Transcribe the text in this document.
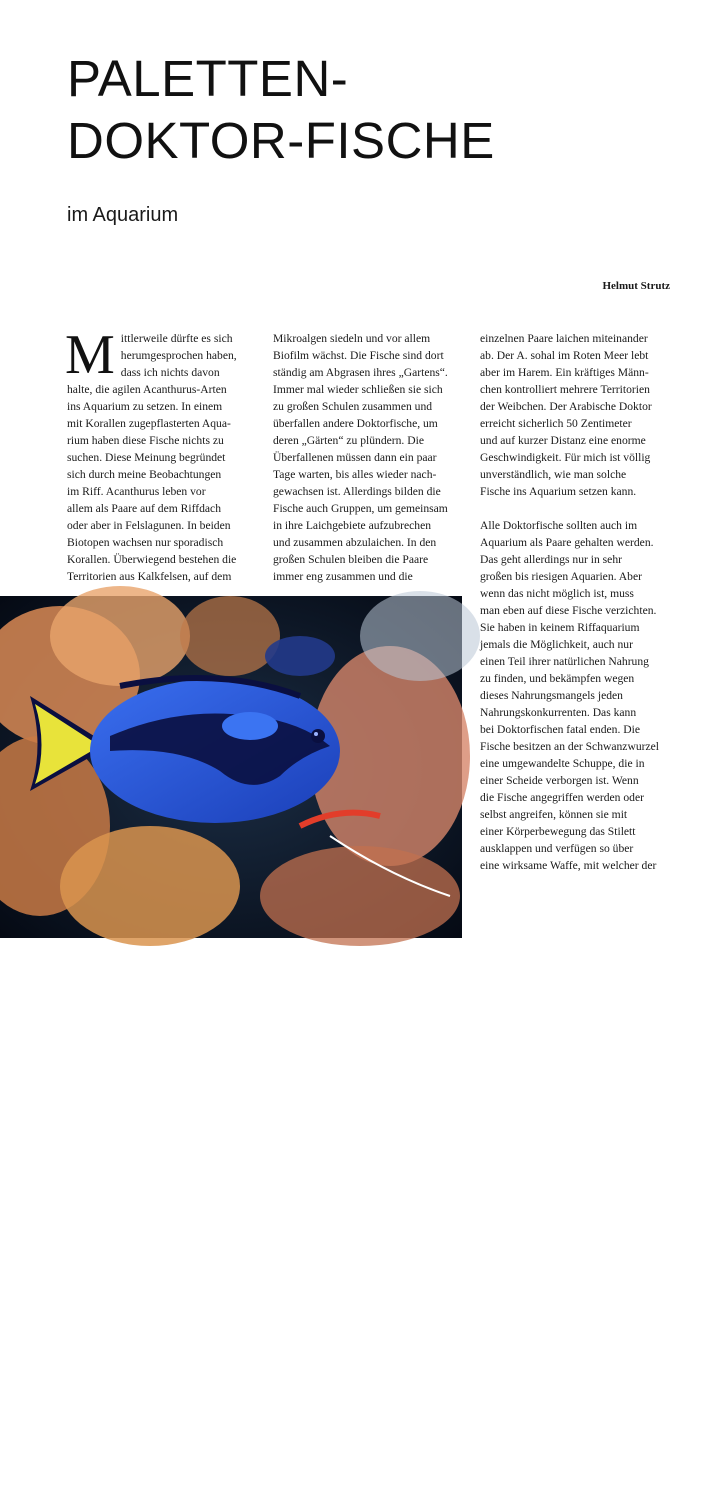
PALETTEN-
DOKTOR-FISCHE
im Aquarium
Helmut Strutz
M ittlerweile dürfte es sich

herumgesprochen haben,

dass ich nichts davon

halte, die agilen Acanthurus-Arten

ins Aquarium zu setzen. In einem

mit Korallen zugepflasterten Aqua-

rium haben diese Fische nichts zu

suchen. Diese Meinung begründet

sich durch meine Beobachtungen

im Riff. Acanthurus leben vor

allem als Paare auf dem Riffdach

oder aber in Felslagunen. In beiden

Biotopen wachsen nur sporadisch

Korallen. Überwiegend bestehen die

Territorien aus Kalkfelsen, auf dem

Mikroalgen siedeln und vor allem

Biofilm wächst. Die Fische sind dort

ständig am Abgrasen ihres „Gartens“.

Immer mal wieder schließen sie sich

zu großen Schulen zusammen und

überfallen andere Doktorfische, um

deren „Gärten“ zu plündern. Die

Überfallenen müssen dann ein paar

Tage warten, bis alles wieder nach-

gewachsen ist. Allerdings bilden die

Fische auch Gruppen, um gemeinsam

in ihre Laichgebiete aufzubrechen

und zusammen abzulaichen. In den

großen Schulen bleiben die Paare

immer eng zusammen und die

einzelnen Paare laichen miteinander

ab. Der A. sohal im Roten Meer lebt

aber im Harem. Ein kräftiges Männ-

chen kontrolliert mehrere Territorien

der Weibchen. Der Arabische Doktor

erreicht sicherlich 50 Zentimeter

und auf kurzer Distanz eine enorme

Geschwindigkeit. Für mich ist völlig

unverständlich, wie man solche

Fische ins Aquarium setzen kann.

Alle Doktorfische sollten auch im

Aquarium als Paare gehalten werden.

Das geht allerdings nur in sehr

großen bis riesigen Aquarien. Aber

wenn das nicht möglich ist, muss

man eben auf diese Fische verzichten.

Sie haben in keinem Riffaquarium

jemals die Möglichkeit, auch nur

einen Teil ihrer natürlichen Nahrung

zu finden, und bekämpfen wegen

dieses Nahrungsmangels jeden

Nahrungskonkurrenten. Das kann

bei Doktorfischen fatal enden. Die

Fische besitzen an der Schwanzwurzel

eine umgewandelte Schuppe, die in

einer Scheide verborgen ist. Wenn

die Fische angegriffen werden oder

selbst angreifen, können sie mit

einer Körperbewegung das Stilett

ausklappen und verfügen so über

eine wirksame Waffe, mit welcher der

Halbwüchsiger Palettendoktor
